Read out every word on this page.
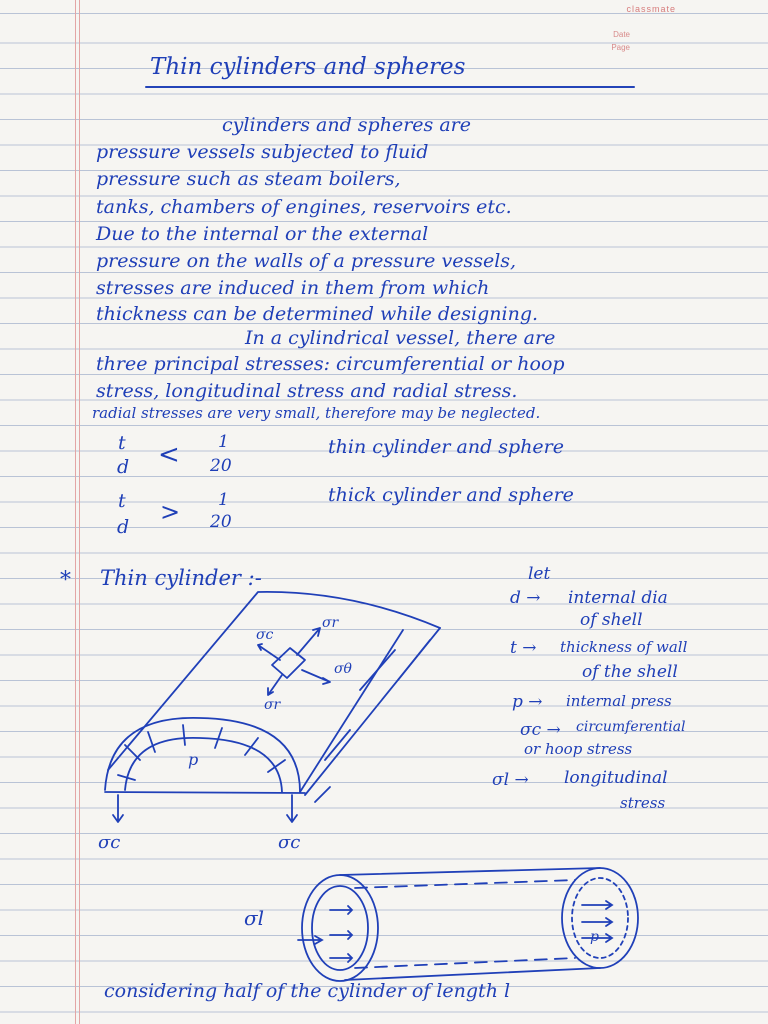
classmate
Date
Page
Thin cylinders and spheres
cylinders and spheres are
pressure vessels subjected to fluid
pressure such as steam boilers,
tanks, chambers of engines, reservoirs etc.
Due to the internal or the external
pressure on the walls of a pressure vessels,
stresses are induced in them from which
thickness can be determined while designing.
In a cylindrical vessel, there are
three principal stresses: circumferential or hoop
stress, longitudinal stress and radial stress.
radial stresses are very small, therefore may be neglected.
t
d < 1
20
thin cylinder and sphere
t
d
> 1
20
thick cylinder and sphere
* Thin cylinder :-	let
d → internal dia
of shell
t → thickness of wall
of the shell
p → internal press
σc → circumferential
or hoop stress
σl → longitudinal
stress
σr
σc
σθ
σr
p
σc	σc
σl
p
considering half of the cylinder of length l
